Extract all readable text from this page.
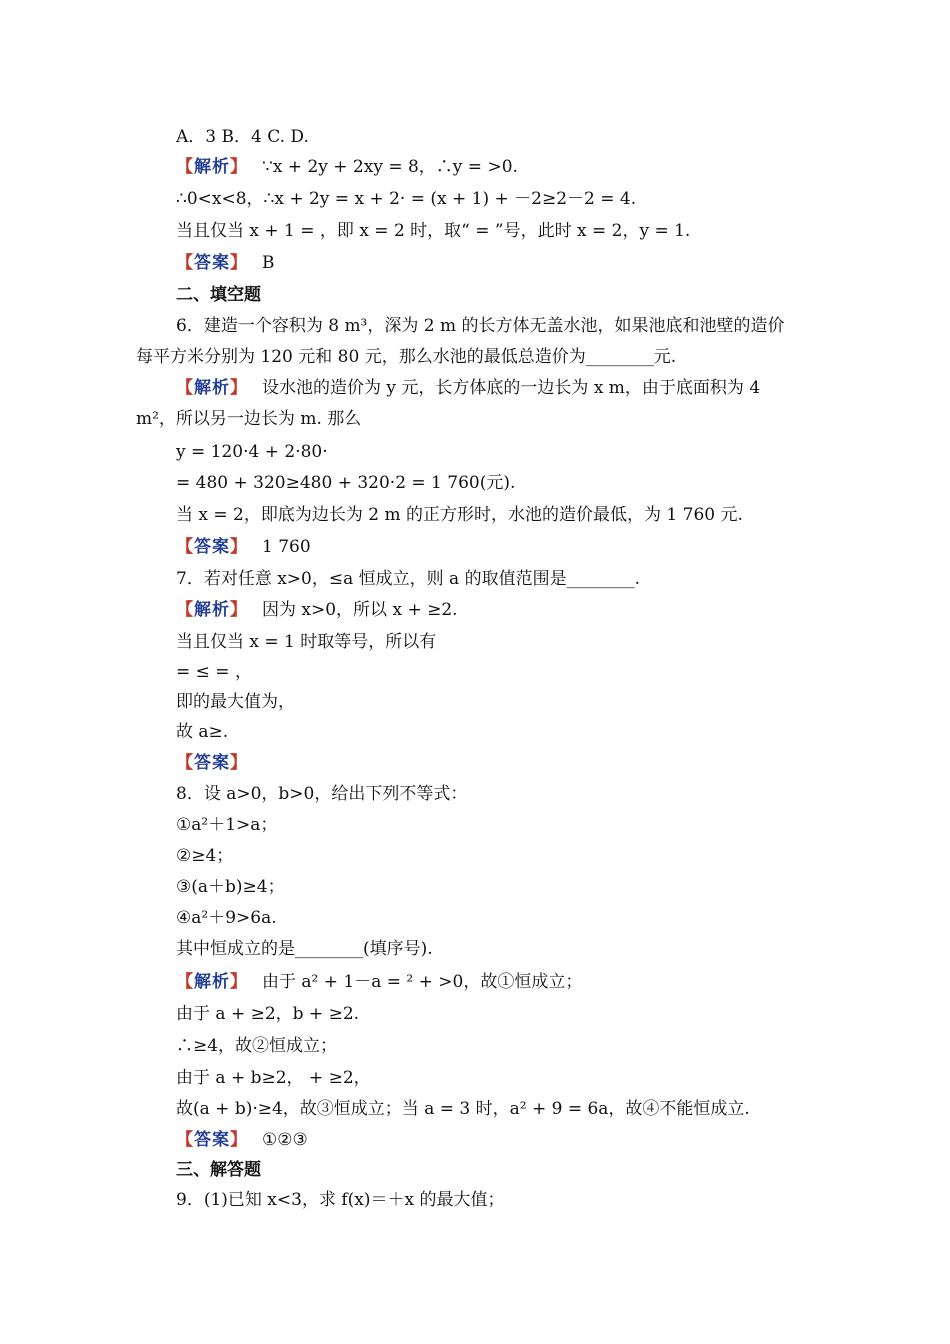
A．3 B．4 C. D.
【解析】 ∵x + 2y + 2xy = 8，∴y = >0.
∴0<x<8，∴x + 2y = x + 2· = (x + 1) + －2≥2－2 = 4.
当且仅当 x + 1 = ，即 x = 2 时，取“ = ”号，此时 x = 2，y = 1.
【答案】 B
二、填空题
6．建造一个容积为 8 m³，深为 2 m 的长方体无盖水池，如果池底和池壁的造价
每平方米分别为 120 元和 80 元，那么水池的最低总造价为________元.
【解析】 设水池的造价为 y 元，长方体底的一边长为 x m，由于底面积为 4
m²，所以另一边长为 m. 那么
y = 120·4 + 2·80·
= 480 + 320≥480 + 320·2 = 1 760(元).
当 x = 2，即底为边长为 2 m 的正方形时，水池的造价最低，为 1 760 元.
【答案】 1 760
7．若对任意 x>0，≤a 恒成立，则 a 的取值范围是________.
【解析】 因为 x>0，所以 x + ≥2.
当且仅当 x = 1 时取等号，所以有
= ≤ = ，
即的最大值为，
故 a≥.
【答案】
8．设 a>0，b>0，给出下列不等式：
①a²＋1>a；
②≥4；
③(a＋b)≥4；
④a²＋9>6a.
其中恒成立的是________(填序号).
【解析】 由于 a² + 1－a = ² + >0，故①恒成立；
由于 a + ≥2，b + ≥2.
∴≥4，故②恒成立；
由于 a + b≥2， + ≥2，
故(a + b)·≥4，故③恒成立；当 a = 3 时，a² + 9 = 6a，故④不能恒成立.
【答案】 ①②③
三、解答题
9．(1)已知 x<3，求 f(x)＝＋x 的最大值；
